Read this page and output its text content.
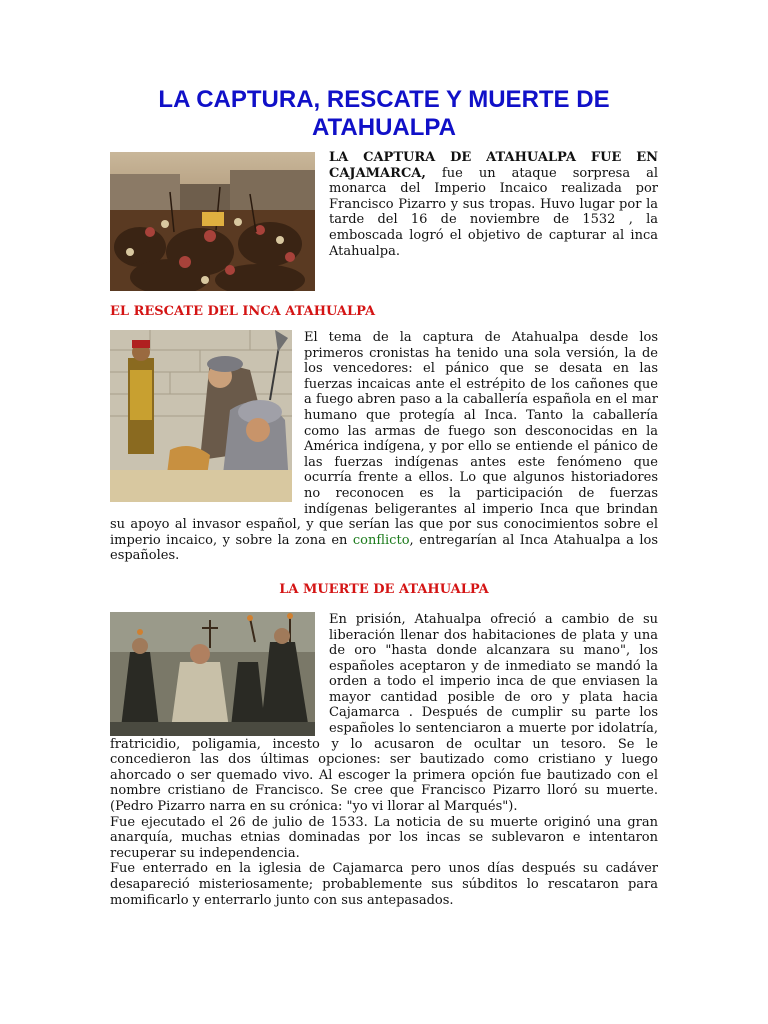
LA CAPTURA, RESCATE Y MUERTE DE ATAHUALPA

LA CAPTURA DE ATAHUALPA FUE EN CAJAMARCA, fue un ataque sorpresa al monarca del Imperio Incaico realizada por Francisco Pizarro y sus tropas. Huvo lugar por la tarde del 16 de noviembre de 1532 , la emboscada logró el objetivo de capturar al inca Atahualpa.

EL RESCATE DEL INCA ATAHUALPA

El tema de la captura de Atahualpa desde los primeros cronistas ha tenido una sola versión, la de los vencedores: el pánico que se desata en las fuerzas incaicas ante el estrépito de los cañones que a fuego abren paso a la caballería española en el mar humano que protegía al Inca. Tanto la caballería como las armas de fuego son desconocidas en la América indígena, y por ello se entiende el pánico de las fuerzas indígenas antes este fenómeno que ocurría frente a ellos. Lo que algunos historiadores no reconocen es la participación de fuerzas indígenas beligerantes al imperio Inca que brindan su apoyo al invasor español, y que serían las que por sus conocimientos sobre el imperio incaico, y sobre la zona en conflicto, entregarían al Inca Atahualpa a los españoles.

LA MUERTE DE ATAHUALPA

En prisión, Atahualpa ofreció a cambio de su liberación llenar dos habitaciones de plata y una de oro "hasta donde alcanzara su mano", los españoles aceptaron y de inmediato se mandó la orden a todo el imperio inca de que enviasen la mayor cantidad posible de oro y plata hacia Cajamarca . Después de cumplir su parte los españoles lo sentenciaron a muerte por idolatría, fratricidio, poligamia, incesto y lo acusaron de ocultar un tesoro. Se le concedieron las dos últimas opciones: ser bautizado como cristiano y luego ahorcado o ser quemado vivo. Al escoger la primera opción fue bautizado con el nombre cristiano de Francisco. Se cree que Francisco Pizarro lloró su muerte. (Pedro Pizarro narra en su crónica: "yo vi llorar al Marqués").

Fue ejecutado el 26 de julio de 1533. La noticia de su muerte originó una gran anarquía, muchas etnias dominadas por los incas se sublevaron e intentaron recuperar su independencia.

Fue enterrado en la iglesia de Cajamarca pero unos días después su cadáver desapareció misteriosamente; probablemente sus súbditos lo rescataron para momificarlo y enterrarlo junto con sus antepasados.
